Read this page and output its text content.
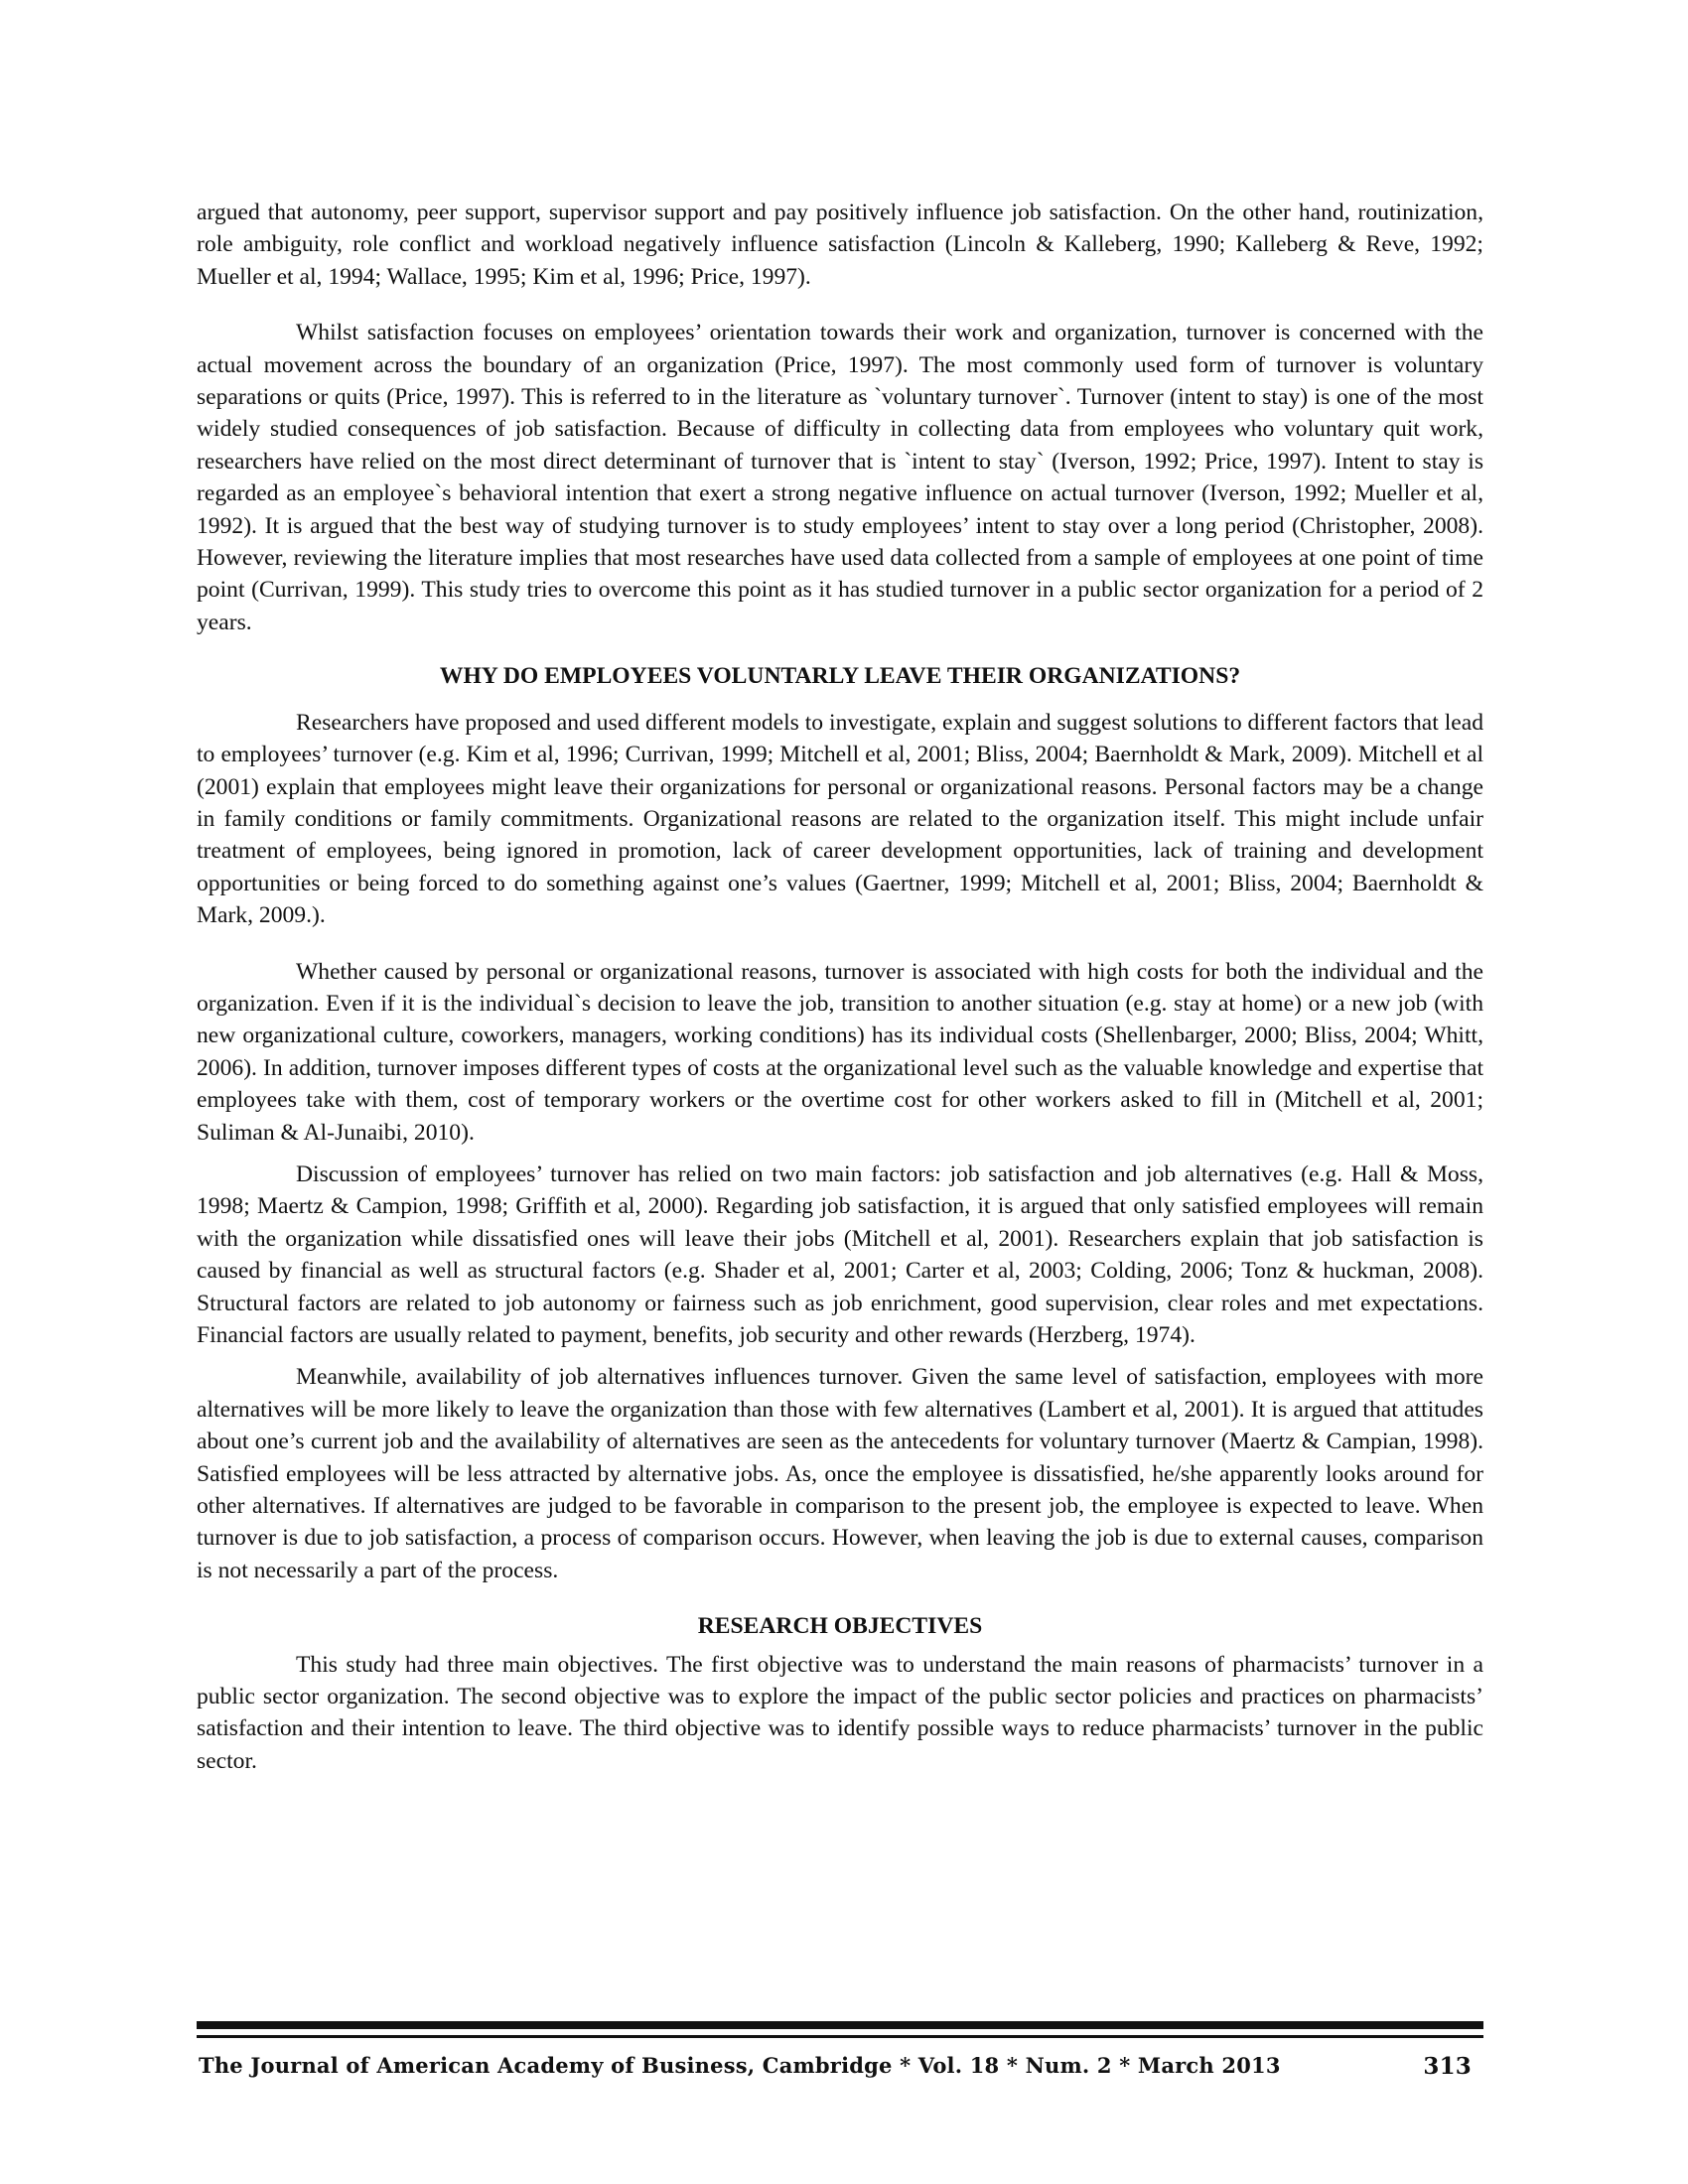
argued that autonomy, peer support, supervisor support and pay positively influence job satisfaction. On the other hand, routinization, role ambiguity, role conflict and workload negatively influence satisfaction (Lincoln & Kalleberg, 1990; Kalleberg & Reve, 1992; Mueller et al, 1994; Wallace, 1995; Kim et al, 1996; Price, 1997).

Whilst satisfaction focuses on employees’ orientation towards their work and organization, turnover is concerned with the actual movement across the boundary of an organization (Price, 1997). The most commonly used form of turnover is voluntary separations or quits (Price, 1997). This is referred to in the literature as `voluntary turnover`. Turnover (intent to stay) is one of the most widely studied consequences of job satisfaction. Because of difficulty in collecting data from employees who voluntary quit work, researchers have relied on the most direct determinant of turnover that is `intent to stay` (Iverson, 1992; Price, 1997). Intent to stay is regarded as an employee`s behavioral intention that exert a strong negative influence on actual turnover (Iverson, 1992; Mueller et al, 1992). It is argued that the best way of studying turnover is to study employees’ intent to stay over a long period (Christopher, 2008). However, reviewing the literature implies that most researches have used data collected from a sample of employees at one point of time point (Currivan, 1999). This study tries to overcome this point as it has studied turnover in a public sector organization for a period of 2 years.

WHY DO EMPLOYEES VOLUNTARLY LEAVE THEIR ORGANIZATIONS?

Researchers have proposed and used different models to investigate, explain and suggest solutions to different factors that lead to employees’ turnover (e.g. Kim et al, 1996; Currivan, 1999; Mitchell et al, 2001; Bliss, 2004; Baernholdt & Mark, 2009). Mitchell et al (2001) explain that employees might leave their organizations for personal or organizational reasons. Personal factors may be a change in family conditions or family commitments. Organizational reasons are related to the organization itself. This might include unfair treatment of employees, being ignored in promotion, lack of career development opportunities, lack of training and development opportunities or being forced to do something against one’s values (Gaertner, 1999; Mitchell et al, 2001; Bliss, 2004; Baernholdt & Mark, 2009.).

Whether caused by personal or organizational reasons, turnover is associated with high costs for both the individual and the organization. Even if it is the individual`s decision to leave the job, transition to another situation (e.g. stay at home) or a new job (with new organizational culture, coworkers, managers, working conditions) has its individual costs (Shellenbarger, 2000; Bliss, 2004; Whitt, 2006). In addition, turnover imposes different types of costs at the organizational level such as the valuable knowledge and expertise that employees take with them, cost of temporary workers or the overtime cost for other workers asked to fill in (Mitchell et al, 2001; Suliman & Al-Junaibi, 2010).

Discussion of employees’ turnover has relied on two main factors: job satisfaction and job alternatives (e.g. Hall & Moss, 1998; Maertz & Campion, 1998; Griffith et al, 2000). Regarding job satisfaction, it is argued that only satisfied employees will remain with the organization while dissatisfied ones will leave their jobs (Mitchell et al, 2001). Researchers explain that job satisfaction is caused by financial as well as structural factors (e.g. Shader et al, 2001; Carter et al, 2003; Colding, 2006; Tonz & huckman, 2008). Structural factors are related to job autonomy or fairness such as job enrichment, good supervision, clear roles and met expectations. Financial factors are usually related to payment, benefits, job security and other rewards (Herzberg, 1974).

Meanwhile, availability of job alternatives influences turnover. Given the same level of satisfaction, employees with more alternatives will be more likely to leave the organization than those with few alternatives (Lambert et al, 2001). It is argued that attitudes about one’s current job and the availability of alternatives are seen as the antecedents for voluntary turnover (Maertz & Campian, 1998). Satisfied employees will be less attracted by alternative jobs. As, once the employee is dissatisfied, he/she apparently looks around for other alternatives. If alternatives are judged to be favorable in comparison to the present job, the employee is expected to leave. When turnover is due to job satisfaction, a process of comparison occurs. However, when leaving the job is due to external causes, comparison is not necessarily a part of the process.

RESEARCH OBJECTIVES

This study had three main objectives. The first objective was to understand the main reasons of pharmacists’ turnover in a public sector organization. The second objective was to explore the impact of the public sector policies and practices on pharmacists’ satisfaction and their intention to leave. The third objective was to identify possible ways to reduce pharmacists’ turnover in the public sector.

The Journal of American Academy of Business, Cambridge * Vol. 18 * Num. 2 * March 2013	313
